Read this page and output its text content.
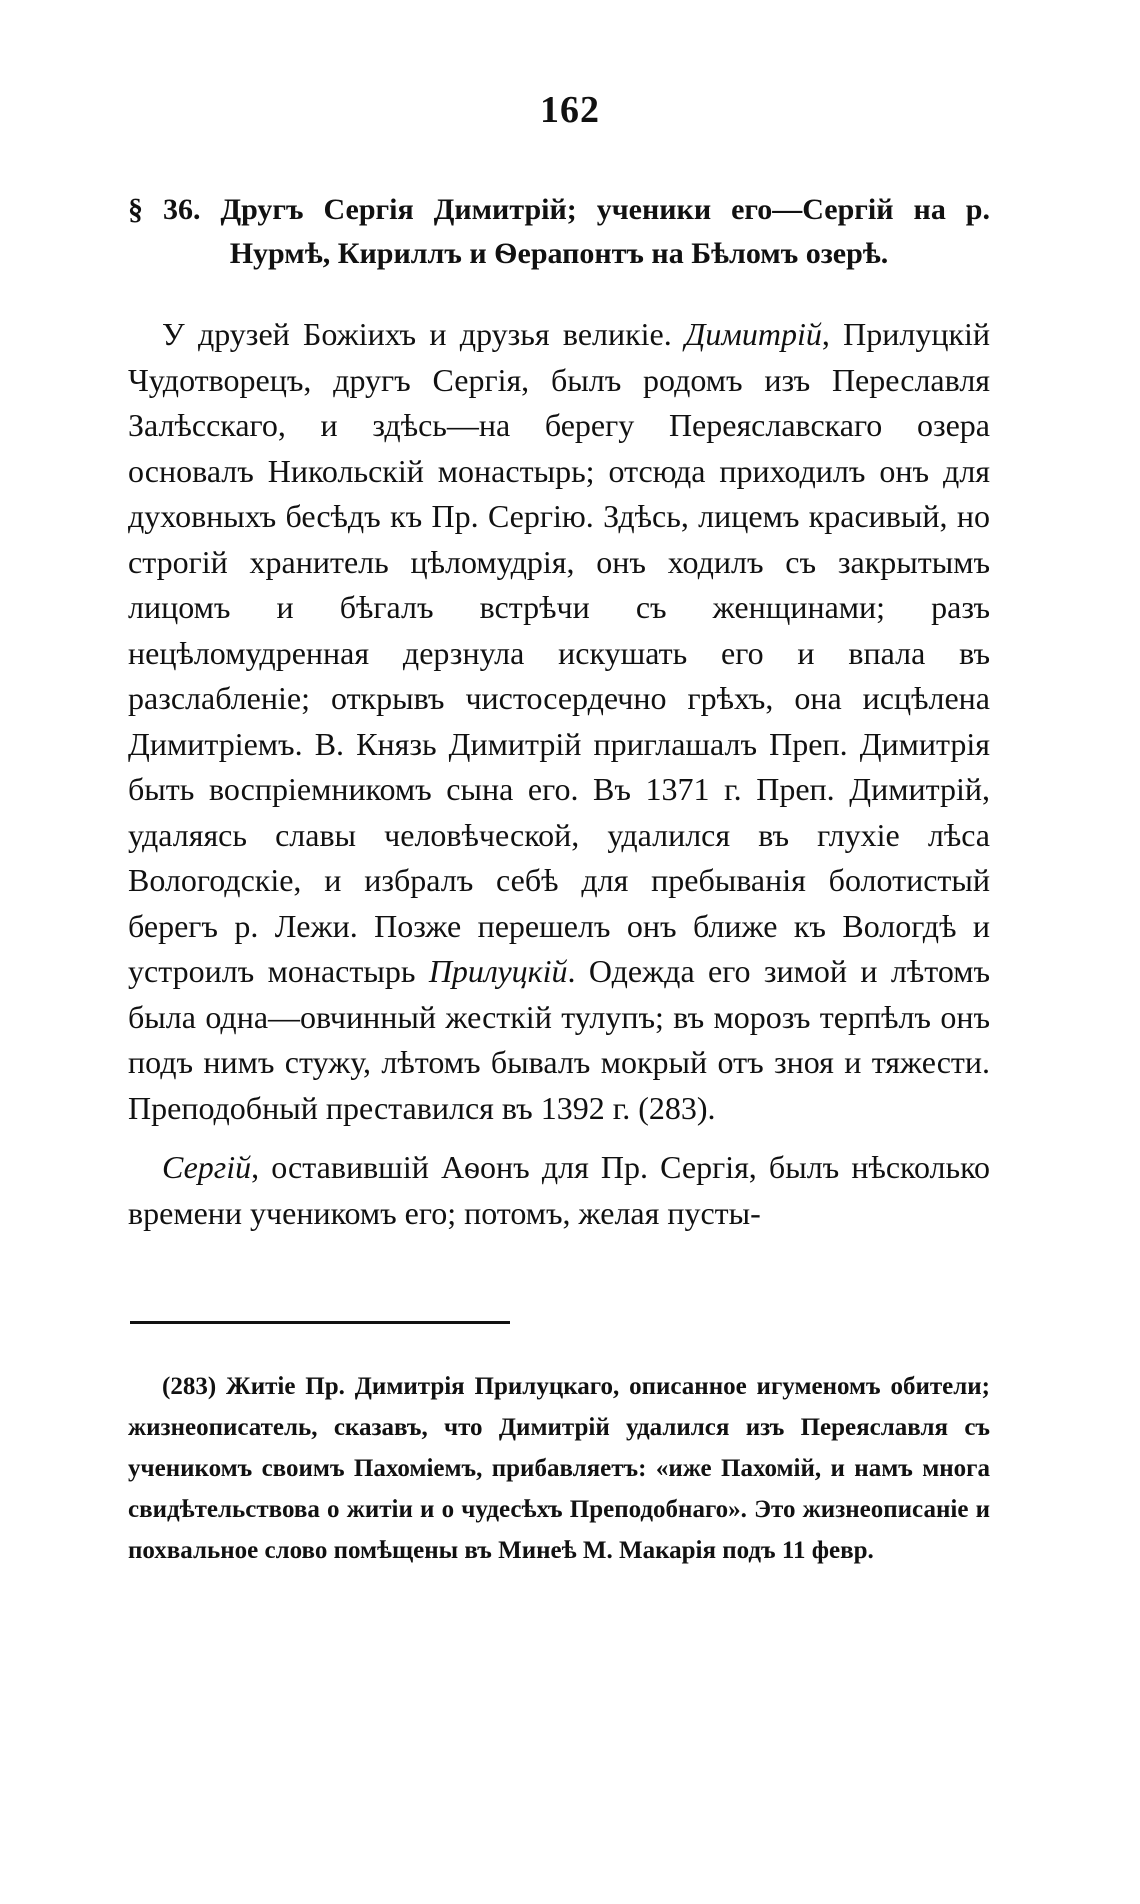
162
§ 36. Другъ Сергія Димитрій; ученики его—Сергій на р. Нурмѣ, Кириллъ и Ѳерапонтъ на Бѣломъ озерѣ.

У друзей Божіихъ и друзья великіе. Димитрій, Прилуцкій Чудотворецъ, другъ Сергія, былъ родомъ изъ Переславля Залѣсскаго, и здѣсь—на берегу Переяславскаго озера основалъ Никольскій монастырь; отсюда приходилъ онъ для духовныхъ бесѣдъ къ Пр. Сергію. Здѣсь, лицемъ красивый, но строгій хранитель цѣломудрія, онъ ходилъ съ закрытымъ лицомъ и бѣгалъ встрѣчи съ женщинами; разъ нецѣломудренная дерзнула искушать его и впала въ разслабленіе; открывъ чистосердечно грѣхъ, она исцѣлена Димитріемъ. В. Князь Димитрій приглашалъ Преп. Димитрія быть воспріемникомъ сына его. Въ 1371 г. Преп. Димитрій, удаляясь славы человѣческой, удалился въ глухіе лѣса Вологодскіе, и избралъ себѣ для пребыванія болотистый берегъ р. Лежи. Позже перешелъ онъ ближе къ Вологдѣ и устроилъ монастырь Прилуцкій. Одежда его зимой и лѣтомъ была одна—овчинный жесткій тулупъ; въ морозъ терпѣлъ онъ подъ нимъ стужу, лѣтомъ бывалъ мокрый отъ зноя и тяжести. Преподобный преставился въ 1392 г. (283).

Сергій, оставившій Аѳонъ для Пр. Сергія, былъ нѣсколько времени ученикомъ его; потомъ, желая пусты-

(283) Житіе Пр. Димитрія Прилуцкаго, описанное игуменомъ обители; жизнеописатель, сказавъ, что Димитрій удалился изъ Переяславля съ ученикомъ своимъ Пахоміемъ, прибавляетъ: «иже Пахомій, и намъ многа свидѣтельствова о житіи и о чудесѣхъ Преподобнаго». Это жизнеописаніе и похвальное слово помѣщены въ Минеѣ М. Макарія подъ 11 февр.
